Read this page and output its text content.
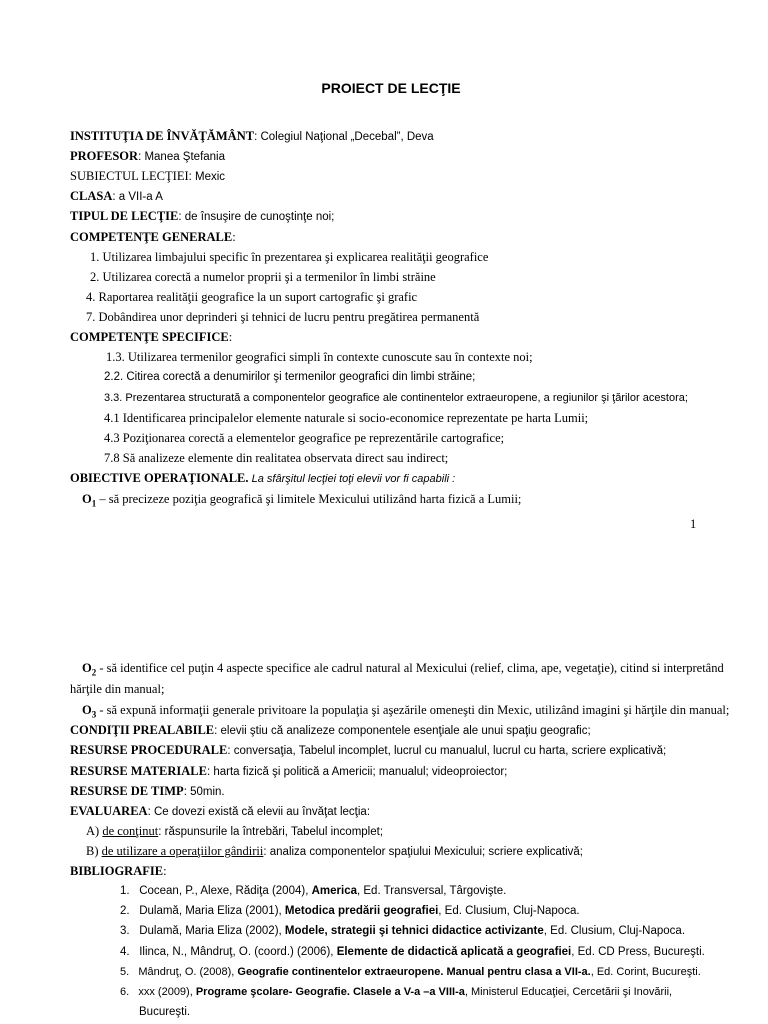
PROIECT DE LECŢIE
INSTITUŢIA DE ÎNVĂŢĂMÂNT: Colegiul Naţional „Decebal”, Deva
PROFESOR: Manea Ştefania
SUBIECTUL LECŢIEI: Mexic
CLASA: a VII-a A
TIPUL DE LECŢIE: de însuşire de cunoştinţe noi;
COMPETENŢE GENERALE:
1. Utilizarea limbajului specific în prezentarea şi explicarea realităţii geografice
2. Utilizarea corectă a numelor proprii şi a termenilor în limbi străine
4. Raportarea realităţii geografice la un suport cartografic şi grafic
7. Dobândirea unor deprinderi şi tehnici de lucru pentru pregătirea permanentă
COMPETENŢE SPECIFICE:
1.3. Utilizarea termenilor geografici simpli în contexte cunoscute sau în contexte noi;
2.2. Citirea corectă a denumirilor şi termenilor geografici din limbi străine;
3.3. Prezentarea structurată a componentelor geografice ale continentelor extraeuropene, a regiunilor şi ţărilor acestora;
4.1 Identificarea principalelor elemente naturale si socio-economice reprezentate pe harta Lumii;
4.3 Poziţionarea corectă a elementelor geografice pe reprezentările cartografice;
7.8 Să analizeze elemente din realitatea observata direct sau indirect;
OBIECTIVE OPERAŢIONALE. La sfârşitul lecţiei toţi elevii vor fi capabili :
$O_1$ – să precizeze poziţia geografică şi limitele Mexicului utilizând harta fizică a Lumii;
1
$O_2$ - să identifice cel puţin 4 aspecte specifice ale cadrul natural al Mexicului (relief, clima, ape, vegetaţie), citind si interpretând
hărţile din manual;
$O_3$ - să expună informaţii generale privitoare la populaţia şi aşezările omeneşti din Mexic, utilizând imagini şi hărţile din manual;
CONDIŢII PREALABILE: elevii ştiu că analizeze componentele esenţiale ale unui spaţiu geografic;
RESURSE PROCEDURALE: conversaţia, Tabelul incomplet, lucrul cu manualul, lucrul cu harta, scriere explicativă;
RESURSE MATERIALE: harta fizică şi politică a Americii; manualul; videoproiector;
RESURSE DE TIMP: 50min.
EVALUAREA: Ce dovezi există că elevii au învăţat lecţia:
A) de conţinut: răspunsurile la întrebări, Tabelul incomplet;
B) de utilizare a operaţiilor gândirii: analiza componentelor spaţiului Mexicului; scriere explicativă;
BIBLIOGRAFIE:
1. Cocean, P., Alexe, Rădiţa (2004), America, Ed. Transversal, Târgovişte.
2. Dulamă, Maria Eliza (2001), Metodica predării geografiei, Ed. Clusium, Cluj-Napoca.
3. Dulamă, Maria Eliza (2002), Modele, strategii şi tehnici didactice activizante, Ed. Clusium, Cluj-Napoca.
4. Ilinca, N., Mândruţ, O. (coord.) (2006), Elemente de didactică aplicată a geografiei, Ed. CD Press, Bucureşti.
5. Mândruţ, O. (2008), Geografie continentelor extraeuropene. Manual pentru clasa a VII-a., Ed. Corint, Bucureşti.
6. xxx (2009), Programe şcolare- Geografie. Clasele a V-a –a VIII-a, Ministerul Educaţiei, Cercetării şi Inovării,
Bucureşti.
